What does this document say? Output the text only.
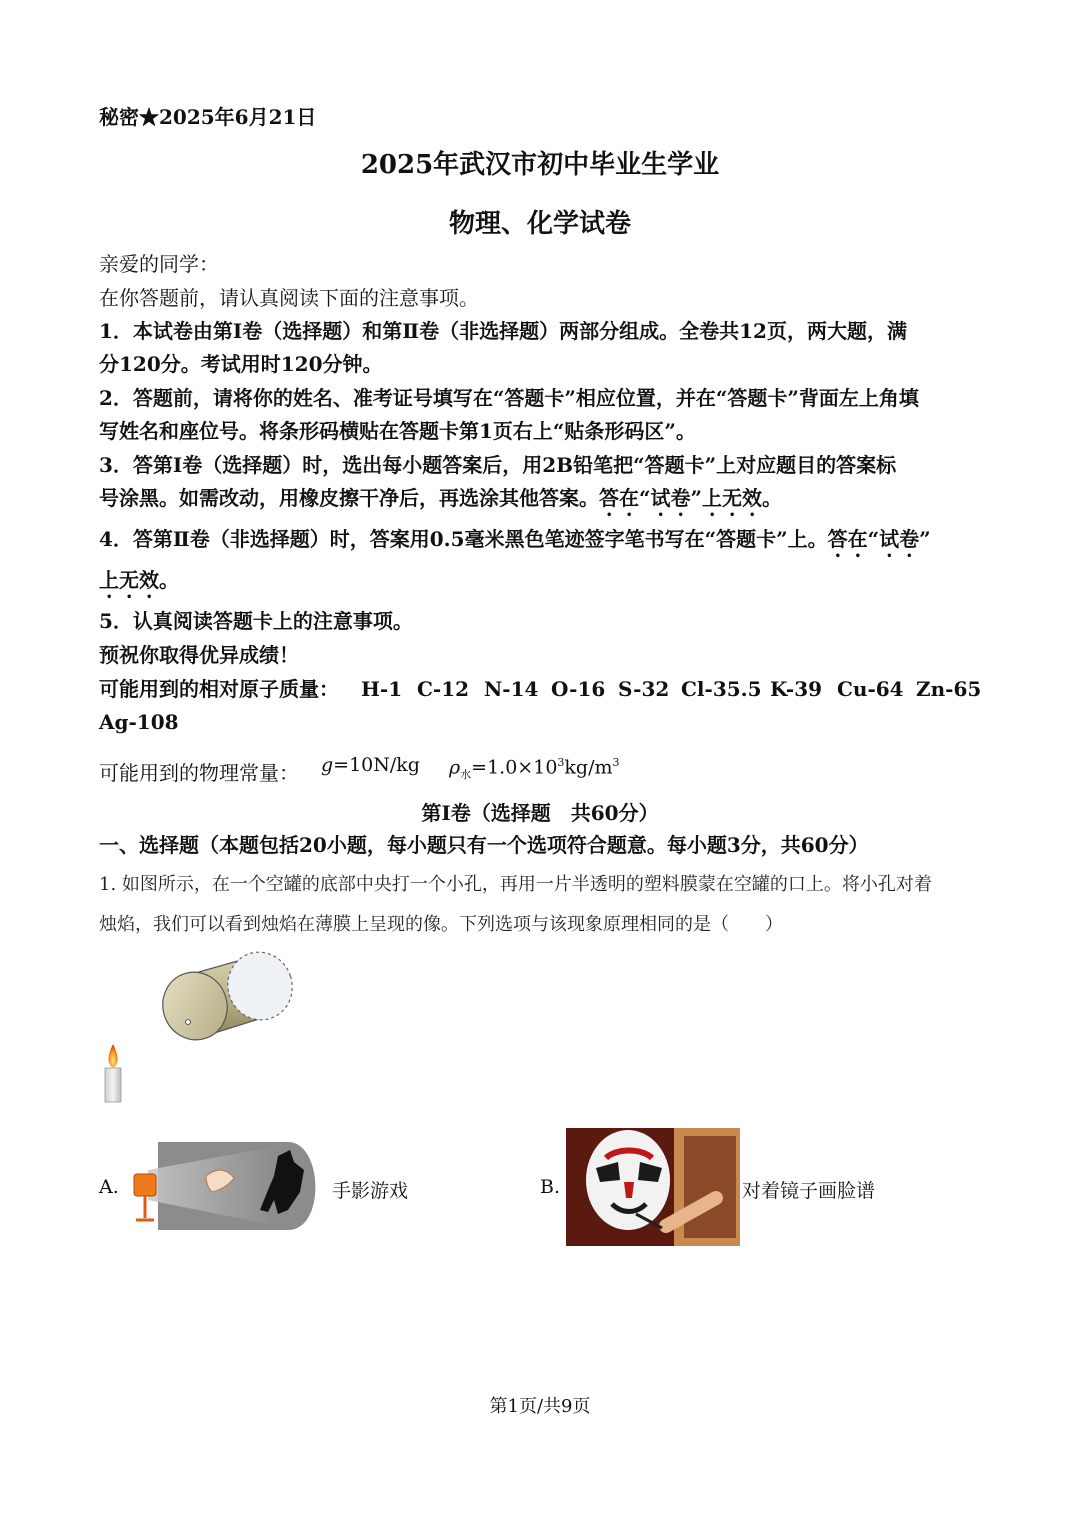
秘密★2025年6月21日
2025年武汉市初中毕业生学业
物理、化学试卷
亲爱的同学：
在你答题前，请认真阅读下面的注意事项。
1．本试卷由第Ⅰ卷（选择题）和第Ⅱ卷（非选择题）两部分组成。全卷共12页，两大题，满
分120分。考试用时120分钟。
2．答题前，请将你的姓名、准考证号填写在“答题卡”相应位置，并在“答题卡”背面左上角填
写姓名和座位号。将条形码横贴在答题卡第1页右上“贴条形码区”。
3．答第Ⅰ卷（选择题）时，选出每小题答案后，用2B铅笔把“答题卡”上对应题目的答案标
号涂黑。如需改动，用橡皮擦干净后，再选涂其他答案。答在“试卷”上无效。
4．答第Ⅱ卷（非选择题）时，答案用0.5毫米黑色笔迹签字笔书写在“答题卡”上。答在“试卷”
上无效。
5．认真阅读答题卡上的注意事项。
预祝你取得优异成绩！
可能用到的相对原子质量： H-1 C-12 N-14 O-16 S-32 Cl-35.5 K-39 Cu-64 Zn-65
Ag-108
可能用到的物理常量： g=10N/kg $\rho_水=1.0\times 10^3kg/m^3$
第Ⅰ卷（选择题　共60分）
一、选择题（本题包括20小题，每小题只有一个选项符合题意。每小题3分，共60分）
1. 如图所示，在一个空罐的底部中央打一个小孔，再用一片半透明的塑料膜蒙在空罐的口上。将小孔对着
烛焰，我们可以看到烛焰在薄膜上呈现的像。下列选项与该现象原理相同的是（　　）
A.	手影游戏	B.	对着镜子画脸谱
第1页/共9页
